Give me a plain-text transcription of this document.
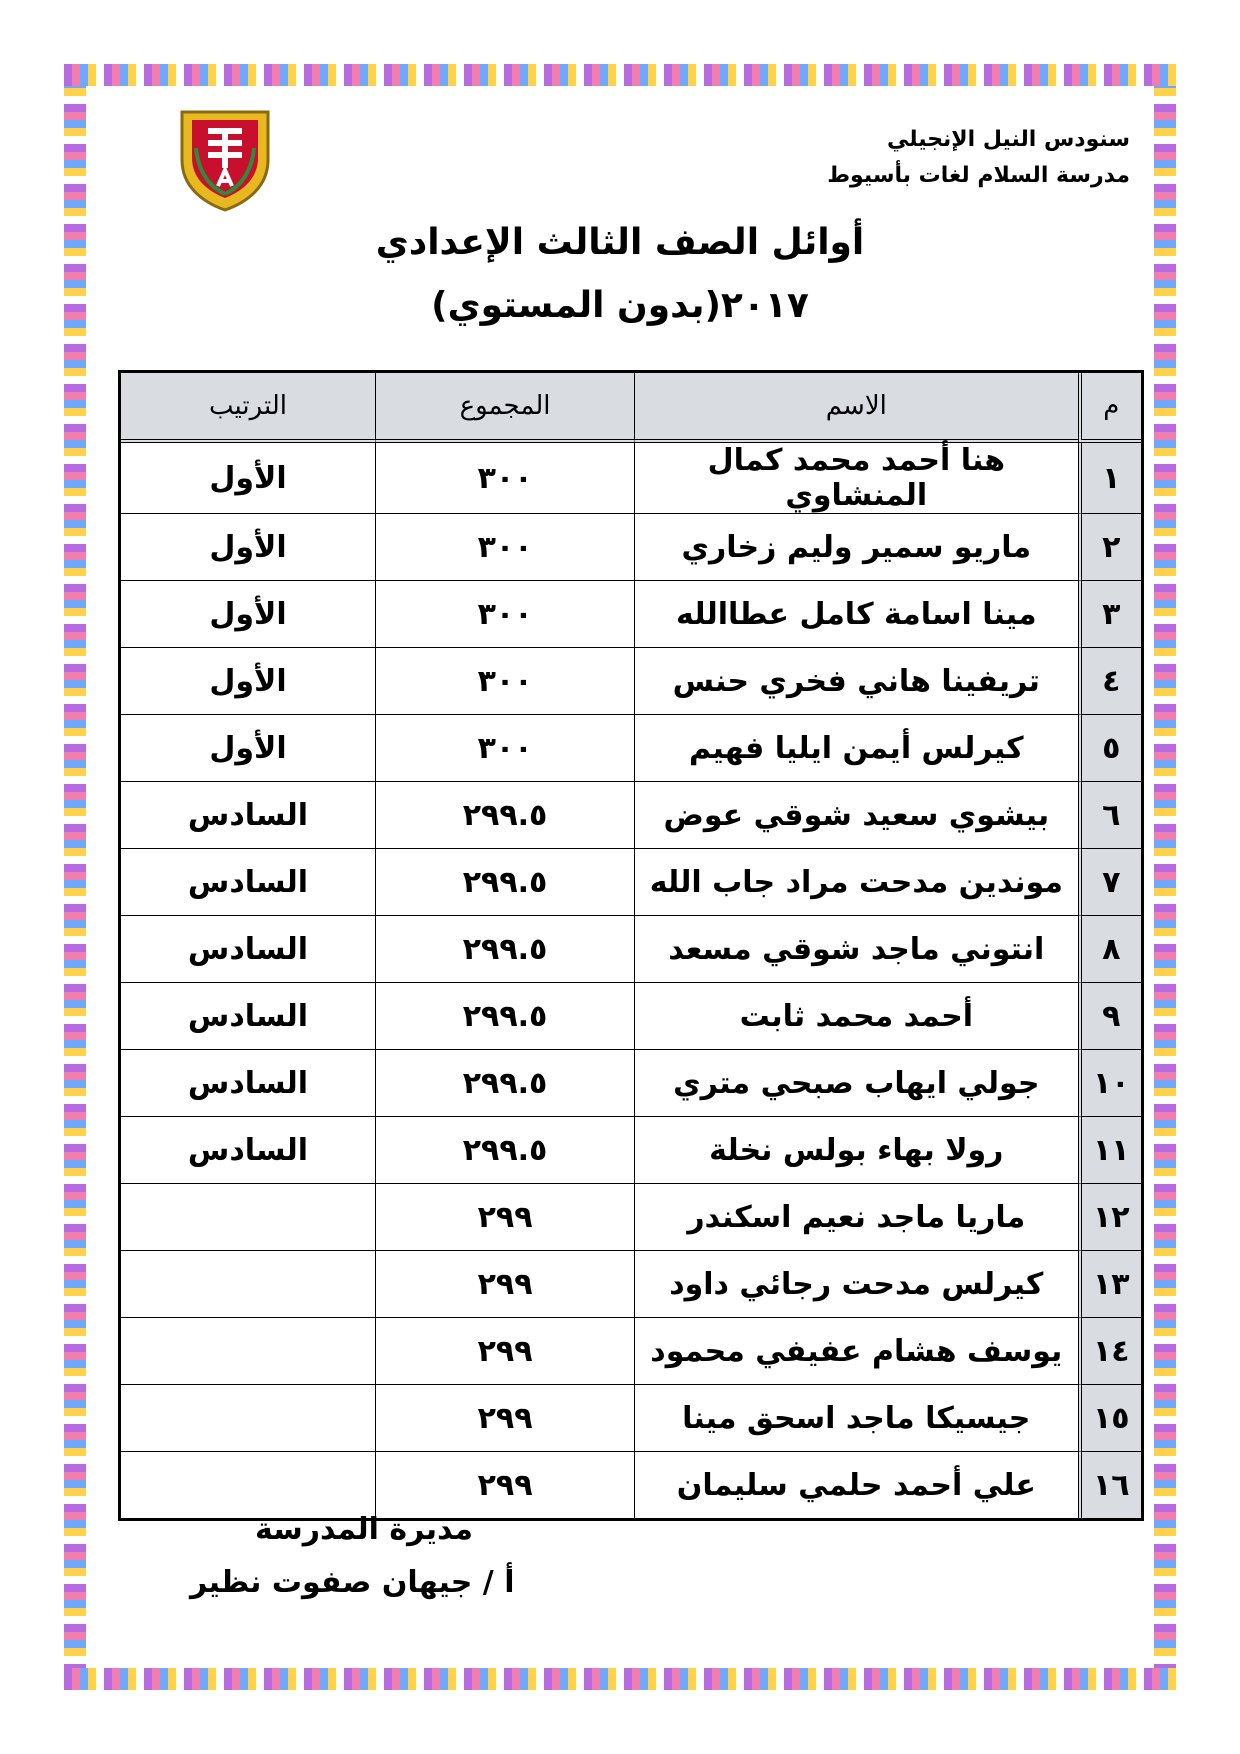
سنودس النيل الإنجيلي
مدرسة السلام لغات بأسيوط
أوائل الصف الثالث الإعدادي
٢٠١٧(بدون المستوي)
م	الاسم	المجموع	الترتيب
١	هنا أحمد محمد كمال المنشاوي	٣٠٠	الأول
٢	ماريو سمير وليم زخاري	٣٠٠	الأول
٣	مينا اسامة كامل عطاالله	٣٠٠	الأول
٤	تريفينا هاني فخري حنس	٣٠٠	الأول
٥	كيرلس أيمن ايليا فهيم	٣٠٠	الأول
٦	بيشوي سعيد شوقي عوض	٢٩٩.٥	السادس
٧	موندين مدحت مراد جاب الله	٢٩٩.٥	السادس
٨	انتوني ماجد شوقي مسعد	٢٩٩.٥	السادس
٩	أحمد محمد ثابت	٢٩٩.٥	السادس
١٠	جولي ايهاب صبحي متري	٢٩٩.٥	السادس
١١	رولا بهاء بولس نخلة	٢٩٩.٥	السادس
١٢	ماريا ماجد نعيم اسكندر	٢٩٩	
١٣	كيرلس مدحت رجائي داود	٢٩٩	
١٤	يوسف هشام عفيفي محمود	٢٩٩	
١٥	جيسيكا ماجد اسحق مينا	٢٩٩	
١٦	علي أحمد حلمي سليمان	٢٩٩	
مديرة المدرسة
أ / جيهان صفوت نظير
